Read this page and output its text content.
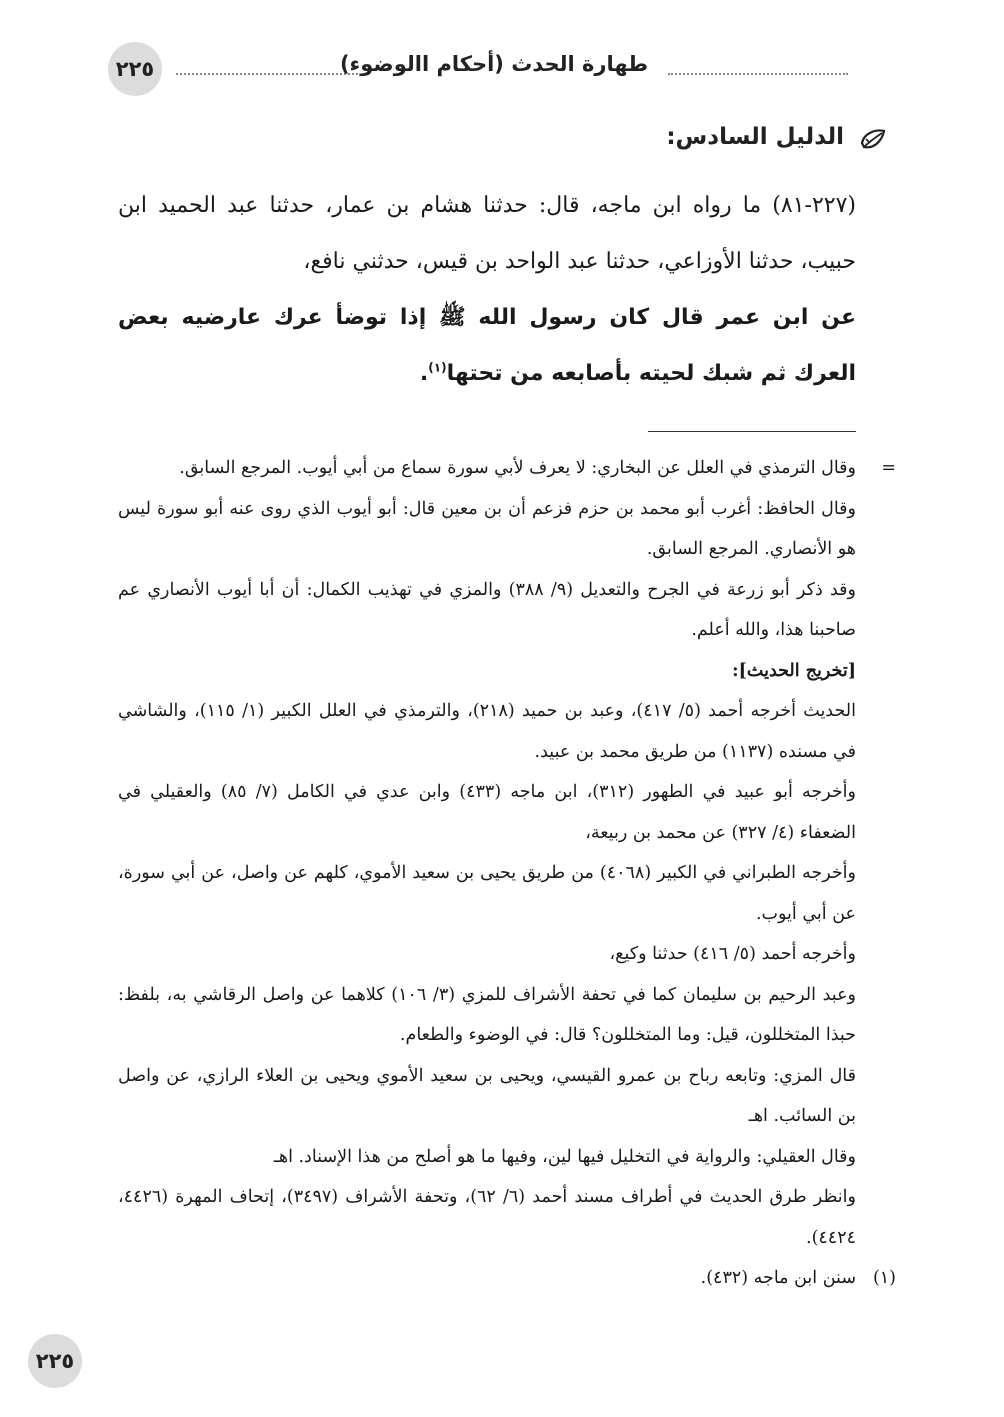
٢٢٥	طهارة الحدث (أحكام االوضوء)
الدليل السادس:

(٢٢٧-٨١) ما رواه ابن ماجه، قال: حدثنا هشام بن عمار، حدثنا عبد الحميد ابن حبيب، حدثنا الأوزاعي، حدثنا عبد الواحد بن قيس، حدثني نافع،

عن ابن عمر قال كان رسول الله ﷺ إذا توضأ عرك عارضيه بعض العرك ثم شبك لحيته بأصابعه من تحتها$^{(١)}$.

=

وقال الترمذي في العلل عن البخاري: لا يعرف لأبي سورة سماع من أبي أيوب. المرجع السابق.

وقال الحافظ: أغرب أبو محمد بن حزم فزعم أن بن معين قال: أبو أيوب الذي روى عنه أبو سورة ليس هو الأنصاري. المرجع السابق.

وقد ذكر أبو زرعة في الجرح والتعديل (٩/ ٣٨٨) والمزي في تهذيب الكمال: أن أبا أيوب الأنصاري عم صاحبنا هذا، والله أعلم.

[تخريج الحديث]:

الحديث أخرجه أحمد (٥/ ٤١٧)، وعبد بن حميد (٢١٨)، والترمذي في العلل الكبير (١/ ١١٥)، والشاشي في مسنده (١١٣٧) من طريق محمد بن عبيد.

وأخرجه أبو عبيد في الطهور (٣١٢)، ابن ماجه (٤٣٣) وابن عدي في الكامل (٧/ ٨٥) والعقيلي في الضعفاء (٤/ ٣٢٧) عن محمد بن ربيعة،

وأخرجه الطبراني في الكبير (٤٠٦٨) من طريق يحيى بن سعيد الأموي، كلهم عن واصل، عن أبي سورة، عن أبي أيوب.

وأخرجه أحمد (٥/ ٤١٦) حدثنا وكيع،

وعبد الرحيم بن سليمان كما في تحفة الأشراف للمزي (٣/ ١٠٦) كلاهما عن واصل الرقاشي به، بلفظ: حبذا المتخللون، قيل: وما المتخللون؟ قال: في الوضوء والطعام.

قال المزي: وتابعه رباح بن عمرو القيسي، ويحيى بن سعيد الأموي ويحيى بن العلاء الرازي، عن واصل بن السائب. اهـ

وقال العقيلي: والرواية في التخليل فيها لين، وفيها ما هو أصلح من هذا الإسناد. اهـ

وانظر طرق الحديث في أطراف مسند أحمد (٦/ ٦٢)، وتحفة الأشراف (٣٤٩٧)، إتحاف المهرة (٤٤٢٦، ٤٤٢٤).

(١)

سنن ابن ماجه (٤٣٢).

٢٢٥
